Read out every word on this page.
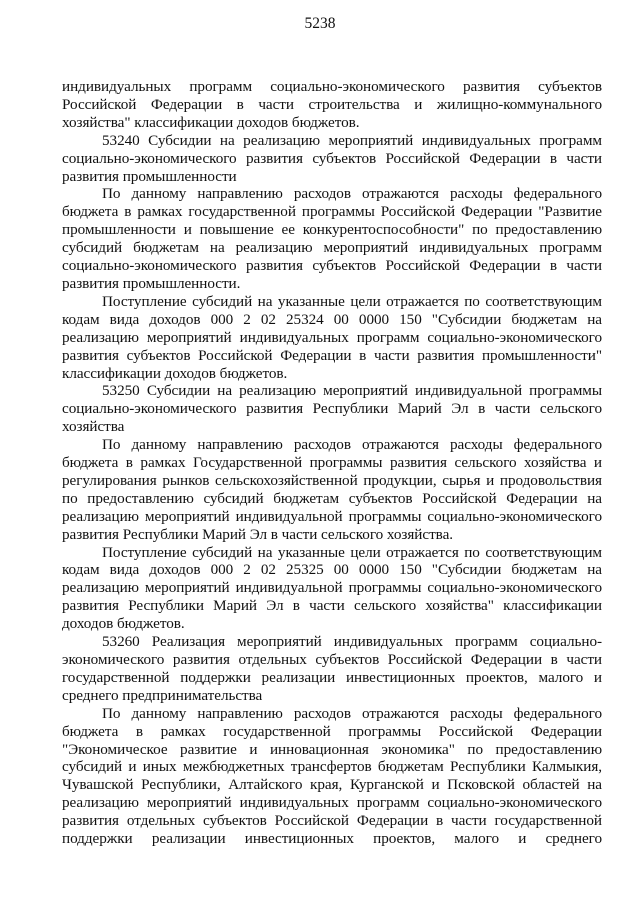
5238

индивидуальных программ социально-экономического развития субъектов Российской Федерации в части строительства и жилищно-коммунального хозяйства" классификации доходов бюджетов.

53240 Субсидии на реализацию мероприятий индивидуальных программ социально-экономического развития субъектов Российской Федерации в части развития промышленности

По данному направлению расходов отражаются расходы федерального бюджета в рамках государственной программы Российской Федерации "Развитие промышленности и повышение ее конкурентоспособности" по предоставлению субсидий бюджетам на реализацию мероприятий индивидуальных программ социально-экономического развития субъектов Российской Федерации в части развития промышленности.

Поступление субсидий на указанные цели отражается по соответствующим кодам вида доходов 000 2 02 25324 00 0000 150 "Субсидии бюджетам на реализацию мероприятий индивидуальных программ социально-экономического развития субъектов Российской Федерации в части развития промышленности" классификации доходов бюджетов.

53250 Субсидии на реализацию мероприятий индивидуальной программы социально-экономического развития Республики Марий Эл в части сельского хозяйства

По данному направлению расходов отражаются расходы федерального бюджета в рамках Государственной программы развития сельского хозяйства и регулирования рынков сельскохозяйственной продукции, сырья и продовольствия по предоставлению субсидий бюджетам субъектов Российской Федерации на реализацию мероприятий индивидуальной программы социально-экономического развития Республики Марий Эл в части сельского хозяйства.

Поступление субсидий на указанные цели отражается по соответствующим кодам вида доходов 000 2 02 25325 00 0000 150 "Субсидии бюджетам на реализацию мероприятий индивидуальной программы социально-экономического развития Республики Марий Эл в части сельского хозяйства" классификации доходов бюджетов.

53260 Реализация мероприятий индивидуальных программ социально-экономического развития отдельных субъектов Российской Федерации в части государственной поддержки реализации инвестиционных проектов, малого и среднего предпринимательства

По данному направлению расходов отражаются расходы федерального бюджета в рамках государственной программы Российской Федерации "Экономическое развитие и инновационная экономика" по предоставлению субсидий и иных межбюджетных трансфертов бюджетам Республики Калмыкия, Чувашской Республики, Алтайского края, Курганской и Псковской областей на реализацию мероприятий индивидуальных программ социально-экономического развития отдельных субъектов Российской Федерации в части государственной поддержки реализации инвестиционных проектов, малого и среднего
